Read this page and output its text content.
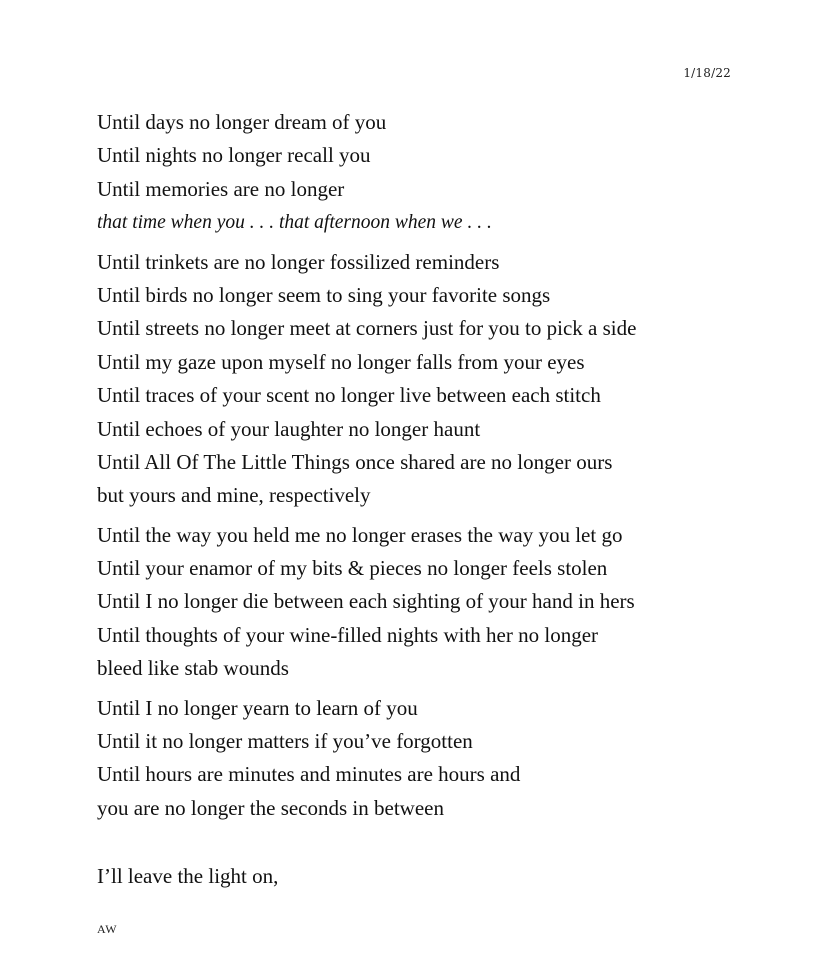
1/18/22
Until days no longer dream of you
Until nights no longer recall you
Until memories are no longer
that time when you . . . that afternoon when we . . .
Until trinkets are no longer fossilized reminders
Until birds no longer seem to sing your favorite songs
Until streets no longer meet at corners just for you to pick a side
Until my gaze upon myself no longer falls from your eyes
Until traces of your scent no longer live between each stitch
Until echoes of your laughter no longer haunt
Until All Of The Little Things once shared are no longer ours
but yours and mine, respectively
Until the way you held me no longer erases the way you let go
Until your enamor of my bits & pieces no longer feels stolen
Until I no longer die between each sighting of your hand in hers
Until thoughts of your wine-filled nights with her no longer
bleed like stab wounds
Until I no longer yearn to learn of you
Until it no longer matters if you’ve forgotten
Until hours are minutes and minutes are hours and
you are no longer the seconds in between
I’ll leave the light on,
AW
